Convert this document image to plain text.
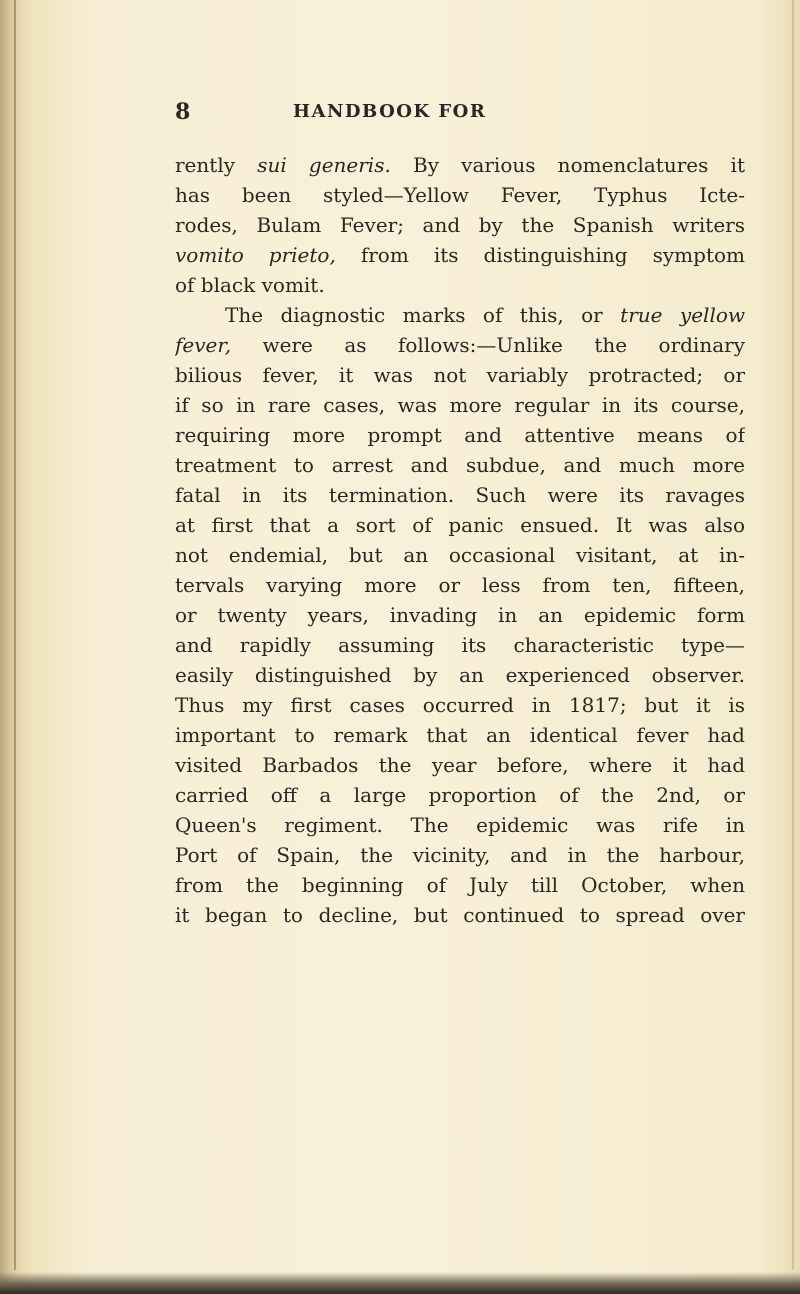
8	HANDBOOK FOR
rently sui generis. By various nomenclatures it
has been styled—Yellow Fever, Typhus Icte-
rodes, Bulam Fever; and by the Spanish writers
vomito prieto, from its distinguishing symptom
of black vomit.
The diagnostic marks of this, or true yellow
fever, were as follows:—Unlike the ordinary
bilious fever, it was not variably protracted; or
if so in rare cases, was more regular in its course,
requiring more prompt and attentive means of
treatment to arrest and subdue, and much more
fatal in its termination. Such were its ravages
at first that a sort of panic ensued. It was also
not endemial, but an occasional visitant, at in-
tervals varying more or less from ten, fifteen,
or twenty years, invading in an epidemic form
and rapidly assuming its characteristic type—
easily distinguished by an experienced observer.
Thus my first cases occurred in 1817; but it is
important to remark that an identical fever had
visited Barbados the year before, where it had
carried off a large proportion of the 2nd, or
Queen's regiment. The epidemic was rife in
Port of Spain, the vicinity, and in the harbour,
from the beginning of July till October, when
it began to decline, but continued to spread over
